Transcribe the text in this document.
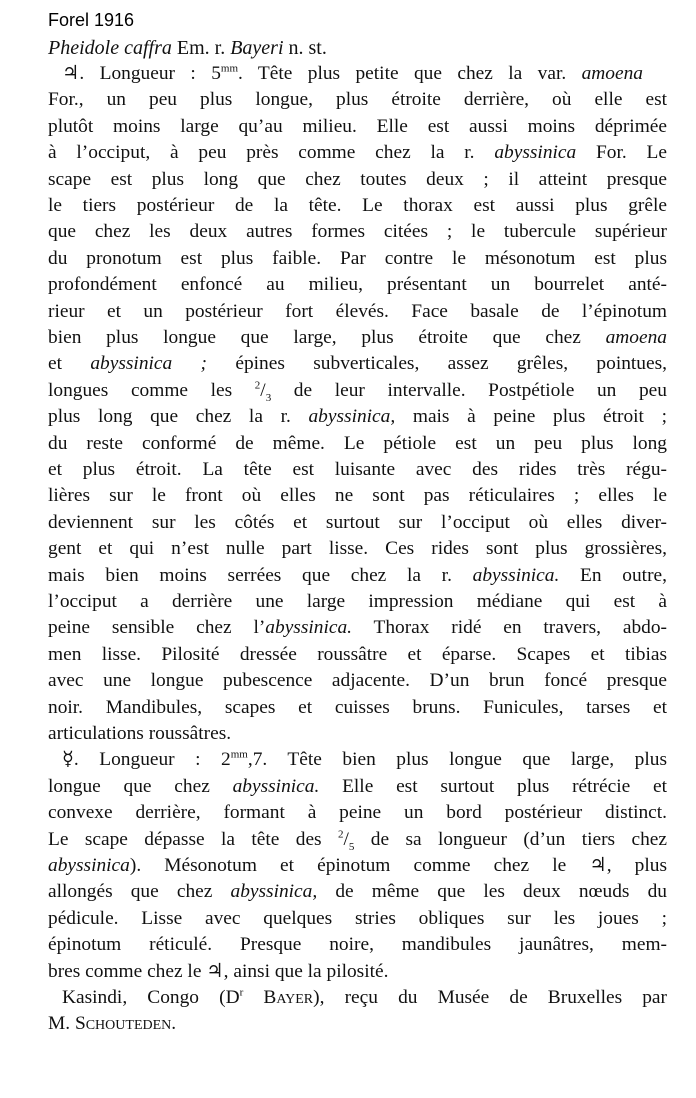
Forel 1916
Pheidole caffra Em. r. Bayeri n. st.
♃. Longueur : $5^{mm}$. Tête plus petite que chez la var. amoena
For., un peu plus longue, plus étroite derrière, où elle est
plutôt moins large qu’au milieu. Elle est aussi moins déprimée
à l’occiput, à peu près comme chez la r. abyssinica For. Le
scape est plus long que chez toutes deux ; il atteint presque
le tiers postérieur de la tête. Le thorax est aussi plus grêle
que chez les deux autres formes citées ; le tubercule supérieur
du pronotum est plus faible. Par contre le mésonotum est plus
profondément enfoncé au milieu, présentant un bourrelet anté-
rieur et un postérieur fort élevés. Face basale de l’épinotum
bien plus longue que large, plus étroite que chez amoena
et abyssinica ; épines subverticales, assez grêles, pointues,
longues comme les $^2/_3$ de leur intervalle. Postpétiole un peu
plus long que chez la r. abyssinica, mais à peine plus étroit ;
du reste conformé de même. Le pétiole est un peu plus long
et plus étroit. La tête est luisante avec des rides très régu-
lières sur le front où elles ne sont pas réticulaires ; elles le
deviennent sur les côtés et surtout sur l’occiput où elles diver-
gent et qui n’est nulle part lisse. Ces rides sont plus grossières,
mais bien moins serrées que chez la r. abyssinica. En outre,
l’occiput a derrière une large impression médiane qui est à
peine sensible chez l’abyssinica. Thorax ridé en travers, abdo-
men lisse. Pilosité dressée roussâtre et éparse. Scapes et tibias
avec une longue pubescence adjacente. D’un brun foncé presque
noir. Mandibules, scapes et cuisses bruns. Funicules, tarses et
articulations roussâtres.
☿. Longueur : $2^{mm},7$. Tête bien plus longue que large, plus
longue que chez abyssinica. Elle est surtout plus rétrécie et
convexe derrière, formant à peine un bord postérieur distinct.
Le scape dépasse la tête des $^2/_5$ de sa longueur (d’un tiers chez
abyssinica). Mésonotum et épinotum comme chez le ♃, plus
allongés que chez abyssinica, de même que les deux nœuds du
pédicule. Lisse avec quelques stries obliques sur les joues ;
épinotum réticulé. Presque noire, mandibules jaunâtres, mem-
bres comme chez le ♃, ainsi que la pilosité.
Kasindi, Congo ($D^r$ Bayer), reçu du Musée de Bruxelles par
M. Schouteden.
